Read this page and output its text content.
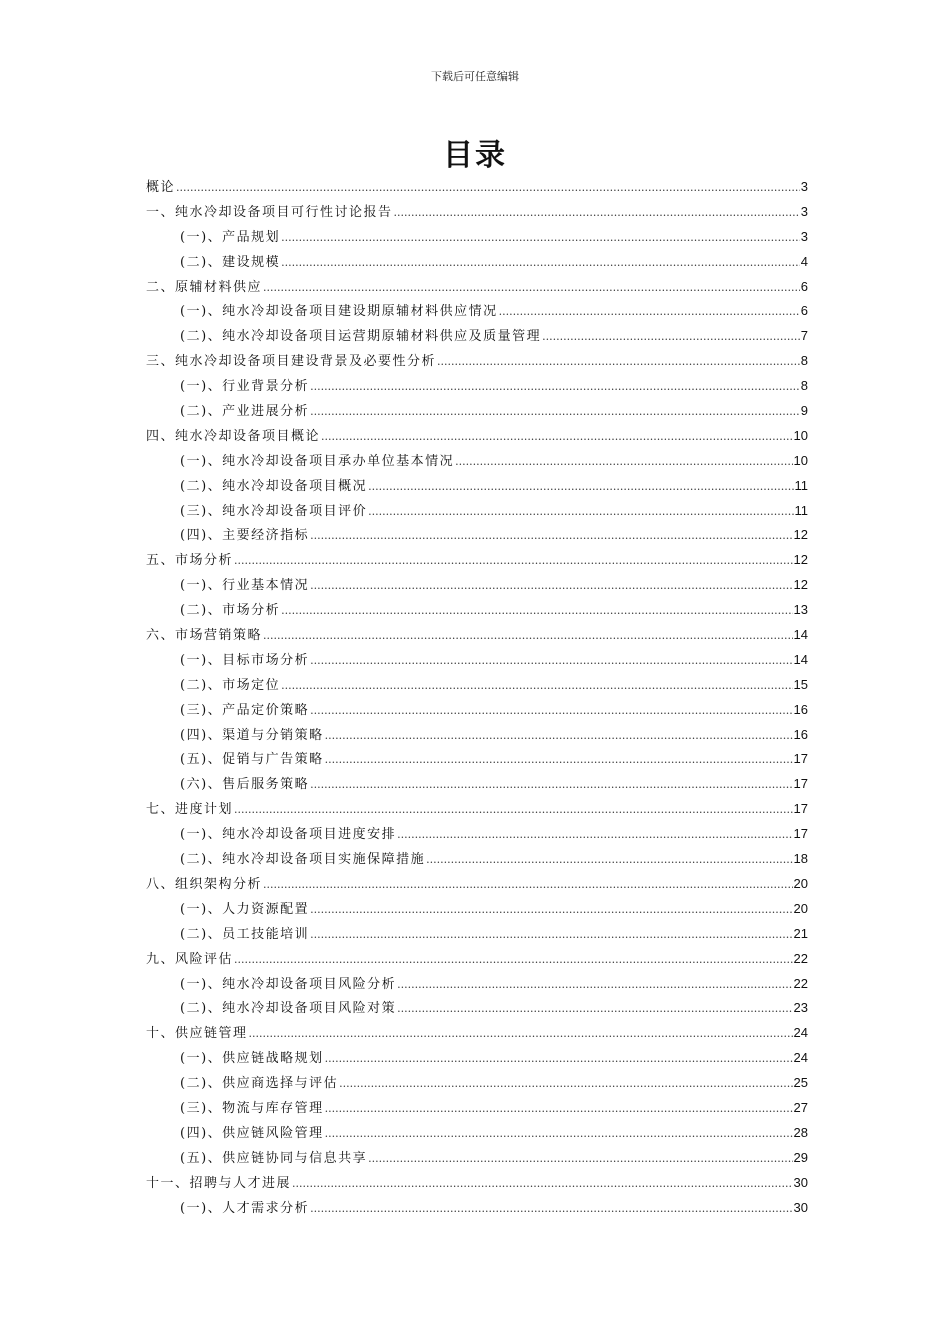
下载后可任意编辑
目录
概论 .....	3
一、纯水冷却设备项目可行性讨论报告 .....	3
(一)、产品规划 .....	3
(二)、建设规模 .....	4
二、原辅材料供应 .....	6
(一)、纯水冷却设备项目建设期原辅材料供应情况 .....	6
(二)、纯水冷却设备项目运营期原辅材料供应及质量管理 .....	7
三、纯水冷却设备项目建设背景及必要性分析 .....	8
(一)、行业背景分析 .....	8
(二)、产业进展分析 .....	9
四、纯水冷却设备项目概论 .....	10
(一)、纯水冷却设备项目承办单位基本情况 .....	10
(二)、纯水冷却设备项目概况 .....	11
(三)、纯水冷却设备项目评价 .....	11
(四)、主要经济指标 .....	12
五、市场分析 .....	12
(一)、行业基本情况 .....	12
(二)、市场分析 .....	13
六、市场营销策略 .....	14
(一)、目标市场分析 .....	14
(二)、市场定位 .....	15
(三)、产品定价策略 .....	16
(四)、渠道与分销策略 .....	16
(五)、促销与广告策略 .....	17
(六)、售后服务策略 .....	17
七、进度计划 .....	17
(一)、纯水冷却设备项目进度安排 .....	17
(二)、纯水冷却设备项目实施保障措施 .....	18
八、组织架构分析 .....	20
(一)、人力资源配置 .....	20
(二)、员工技能培训 .....	21
九、风险评估 .....	22
(一)、纯水冷却设备项目风险分析 .....	22
(二)、纯水冷却设备项目风险对策 .....	23
十、供应链管理 .....	24
(一)、供应链战略规划 .....	24
(二)、供应商选择与评估 .....	25
(三)、物流与库存管理 .....	27
(四)、供应链风险管理 .....	28
(五)、供应链协同与信息共享 .....	29
十一、招聘与人才进展 .....	30
(一)、人才需求分析 .....	30
